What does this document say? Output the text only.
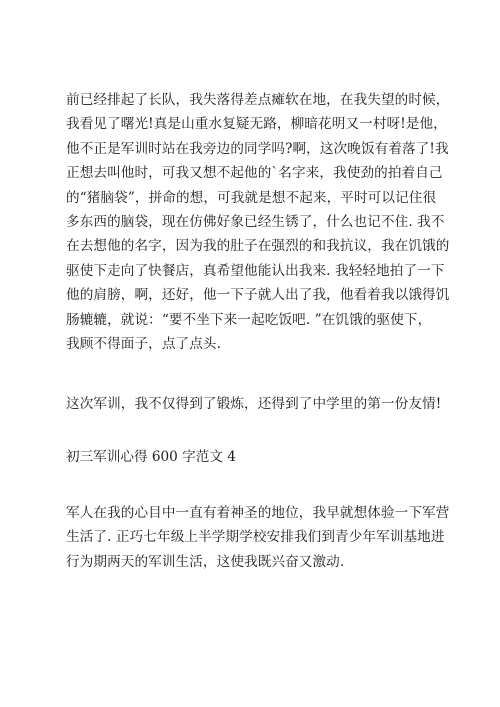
前已经排起了长队，我失落得差点瘫软在地，在我失望的时候，
我看见了曙光!真是山重水复疑无路，柳暗花明又一村呀!是他，
他不正是军训时站在我旁边的同学吗?啊，这次晚饭有着落了!我
正想去叫他时，可我又想不起他的`名字来，我使劲的拍着自己
的“猪脑袋”，拼命的想，可我就是想不起来，平时可以记住很
多东西的脑袋，现在仿佛好象已经生锈了，什么也记不住. 我不
在去想他的名字，因为我的肚子在强烈的和我抗议，我在饥饿的
驱使下走向了快餐店，真希望他能认出我来. 我轻轻地拍了一下
他的肩膀，啊，还好，他一下子就人出了我，他看着我以饿得饥
肠辘辘，就说：“要不坐下来一起吃饭吧. ”在饥饿的驱使下，
我顾不得面子，点了点头.
这次军训，我不仅得到了锻炼，还得到了中学里的第一份友情!
初三军训心得 600 字范文 4
军人在我的心目中一直有着神圣的地位，我早就想体验一下军营
生活了. 正巧七年级上半学期学校安排我们到青少年军训基地进
行为期两天的军训生活，这使我既兴奋又激动.
